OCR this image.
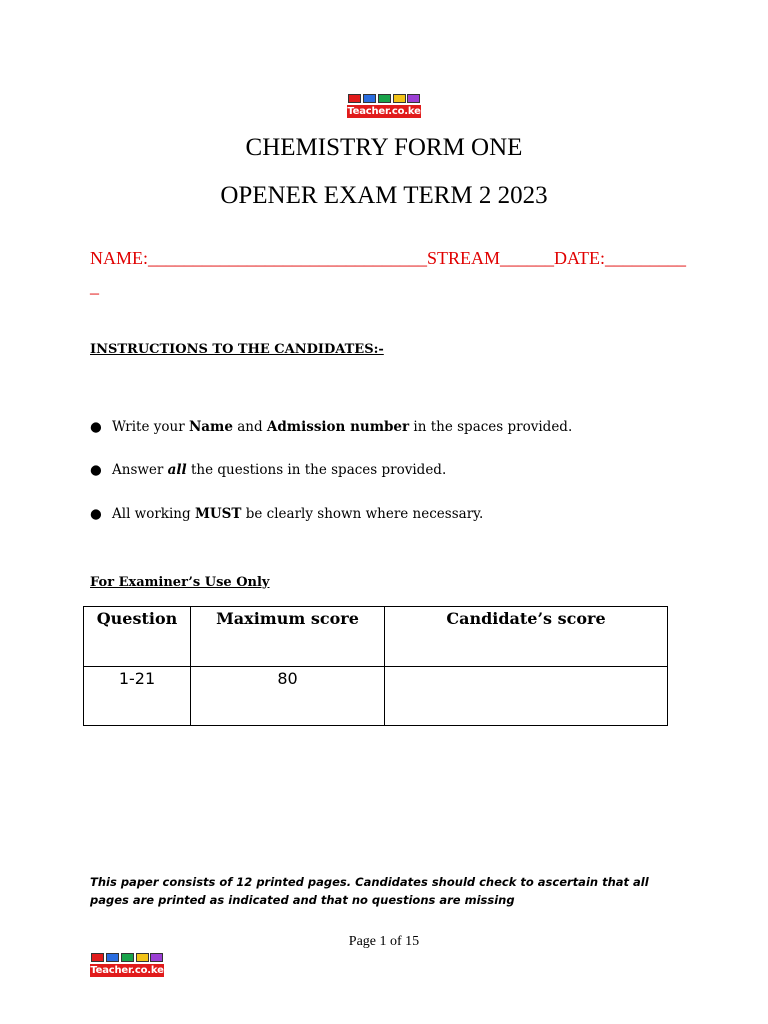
Teacher.co.ke
CHEMISTRY FORM ONE
OPENER EXAM TERM 2 2023
NAME:_______________________________STREAM______DATE:_________
_
INSTRUCTIONS TO THE CANDIDATES:-
● Write your Name and Admission number in the spaces provided.
● Answer all the questions in the spaces provided.
● All working MUST be clearly shown where necessary.
For Examiner’s Use Only
Question	Maximum score	Candidate’s score
1-21	80	
This paper consists of 12 printed pages. Candidates should check to ascertain that all pages are printed as indicated and that no questions are missing
Page 1 of 15
Teacher.co.ke
